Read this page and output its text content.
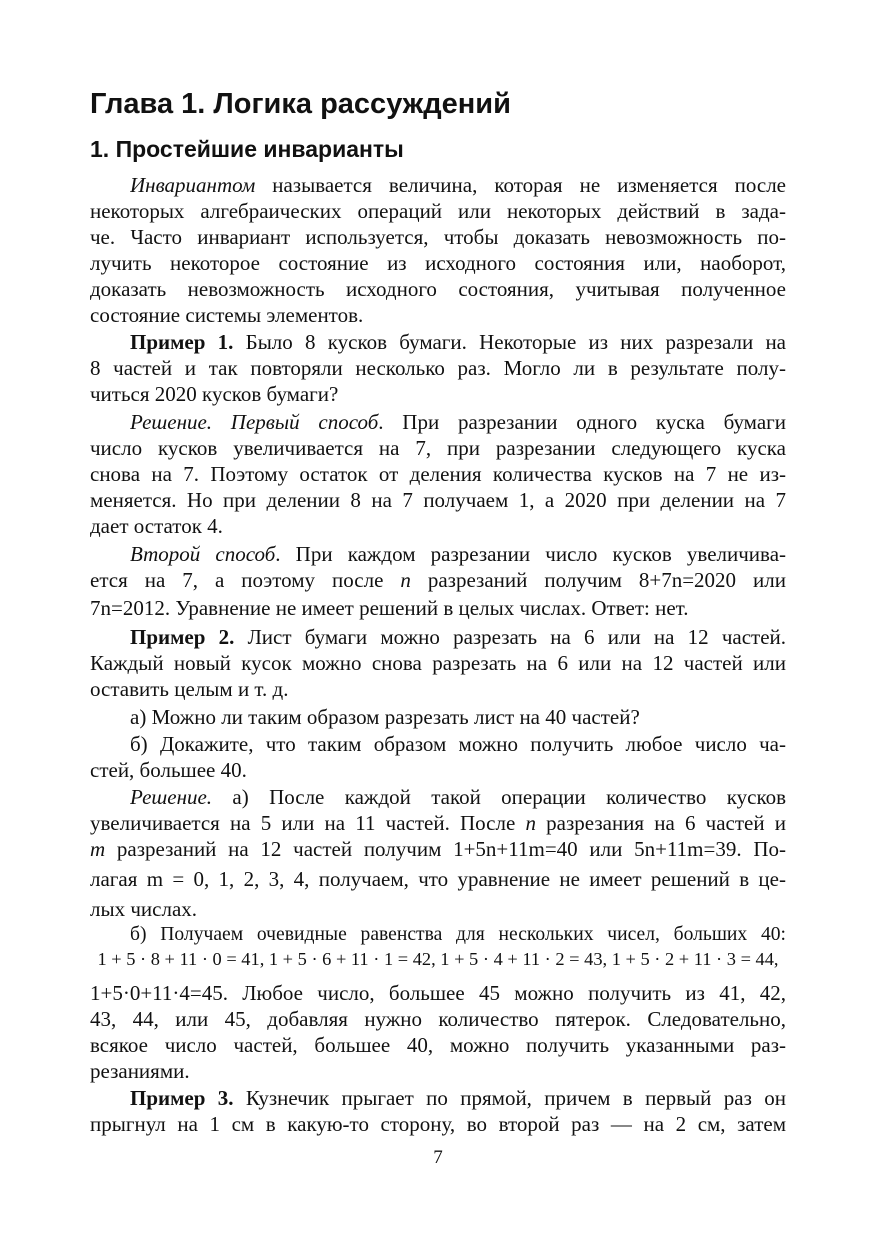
Глава 1. Логика рассуждений
1. Простейшие инварианты
Инвариантом называется величина, которая не изменяется после
некоторых алгебраических операций или некоторых действий в зада-
че. Часто инвариант используется, чтобы доказать невозможность по-
лучить некоторое состояние из исходного состояния или, наоборот,
доказать невозможность исходного состояния, учитывая полученное
состояние системы элементов.
Пример 1. Было 8 кусков бумаги. Некоторые из них разрезали на
8 частей и так повторяли несколько раз. Могло ли в результате полу-
читься 2020 кусков бумаги?
Решение. Первый способ. При разрезании одного куска бумаги
число кусков увеличивается на 7, при разрезании следующего куска
снова на 7. Поэтому остаток от деления количества кусков на 7 не из-
меняется. Но при делении 8 на 7 получаем 1, а 2020 при делении на 7
дает остаток 4.
Второй способ. При каждом разрезании число кусков увеличива-
ется на 7, а поэтому после n разрезаний получим 8+7n=2020 или
7n=2012. Уравнение не имеет решений в целых числах. Ответ: нет.
Пример 2. Лист бумаги можно разрезать на 6 или на 12 частей.
Каждый новый кусок можно снова разрезать на 6 или на 12 частей или
оставить целым и т. д.
а) Можно ли таким образом разрезать лист на 40 частей?
б) Докажите, что таким образом можно получить любое число ча-
стей, большее 40.
Решение. а) После каждой такой операции количество кусков
увеличивается на 5 или на 11 частей. После n разрезания на 6 частей и
m разрезаний на 12 частей получим 1+5n+11m=40 или 5n+11m=39. По-
лагая m = 0, 1, 2, 3, 4, получаем, что уравнение не имеет решений в це-
лых числах.
б) Получаем очевидные равенства для нескольких чисел, больших 40:
1 + 5 · 8 + 11 · 0 = 41, 1 + 5 · 6 + 11 · 1 = 42, 1 + 5 · 4 + 11 · 2 = 43, 1 + 5 · 2 + 11 · 3 = 44,
1+5·0+11·4=45. Любое число, большее 45 можно получить из 41, 42,
43, 44, или 45, добавляя нужно количество пятерок. Следовательно,
всякое число частей, большее 40, можно получить указанными раз-
резаниями.
Пример 3. Кузнечик прыгает по прямой, причем в первый раз он
прыгнул на 1 см в какую-то сторону, во второй раз — на 2 см, затем
7
